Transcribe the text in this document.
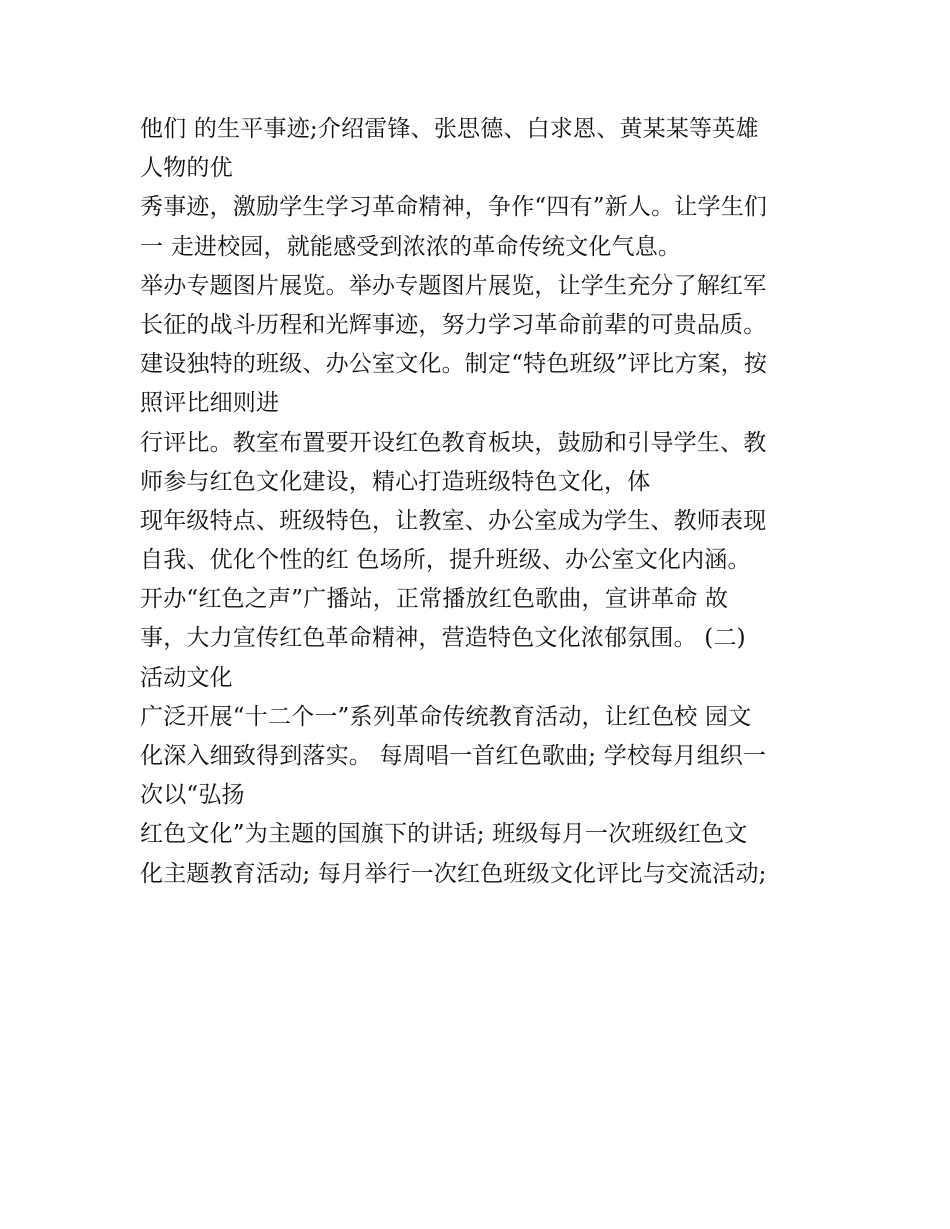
他们 的生平事迹;介绍雷锋、张思德、白求恩、黄某某等英雄
人物的优
秀事迹，激励学生学习革命精神，争作“四有”新人。让学生们
一 走进校园，就能感受到浓浓的革命传统文化气息。
举办专题图片展览。举办专题图片展览，让学生充分了解红军
长征的战斗历程和光辉事迹，努力学习革命前辈的可贵品质。
建设独特的班级、办公室文化。制定“特色班级”评比方案，按
照评比细则进
行评比。教室布置要开设红色教育板块，鼓励和引导学生、教
师参与红色文化建设，精心打造班级特色文化，体
现年级特点、班级特色，让教室、办公室成为学生、教师表现
自我、优化个性的红 色场所，提升班级、办公室文化内涵。
开办“红色之声”广播站，正常播放红色歌曲，宣讲革命 故
事，大力宣传红色革命精神，营造特色文化浓郁氛围。 (二)
活动文化
广泛开展“十二个一”系列革命传统教育活动，让红色校 园文
化深入细致得到落实。 每周唱一首红色歌曲; 学校每月组织一
次以“弘扬
红色文化”为主题的国旗下的讲话; 班级每月一次班级红色文
化主题教育活动; 每月举行一次红色班级文化评比与交流活动;
